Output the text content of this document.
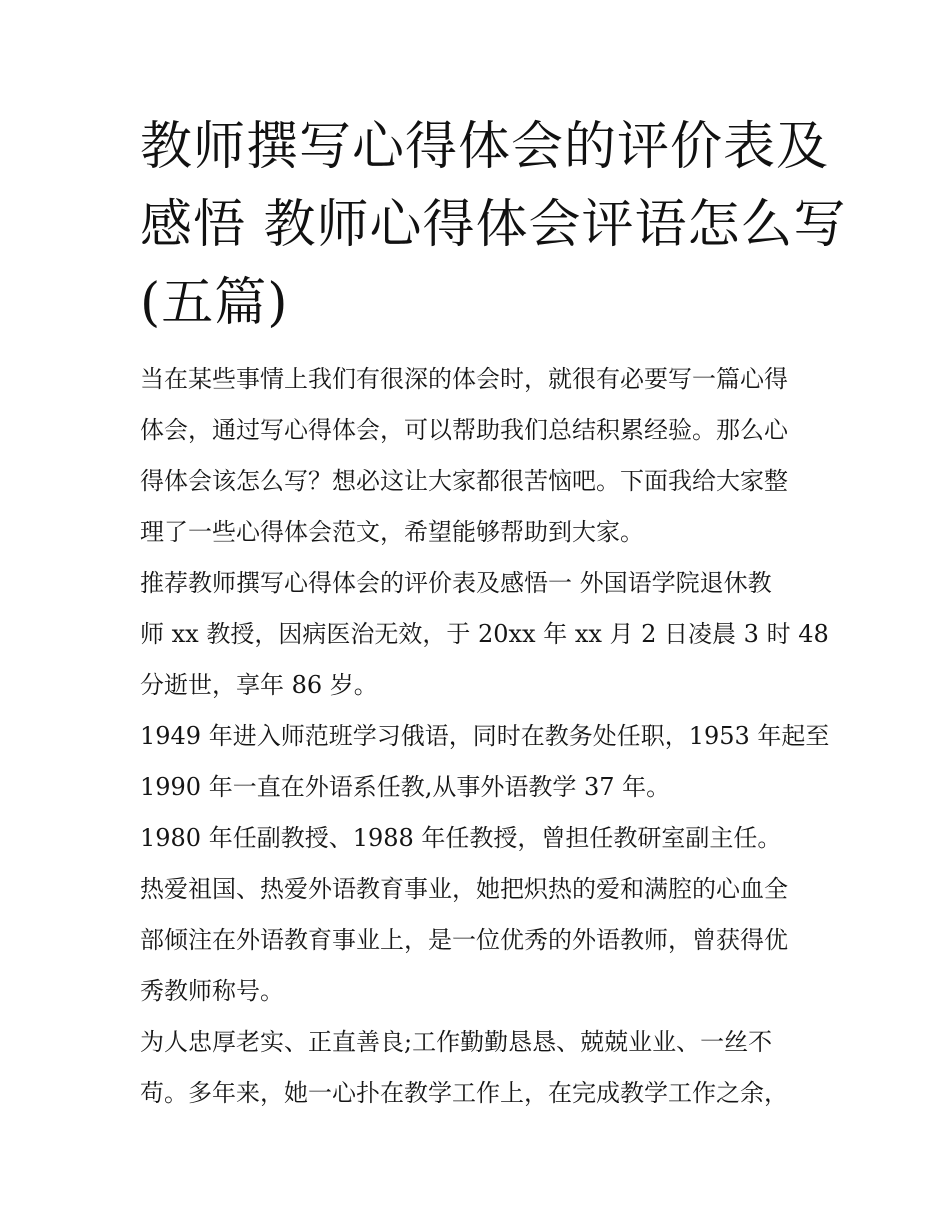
教师撰写心得体会的评价表及
感悟 教师心得体会评语怎么写
(五篇)

当在某些事情上我们有很深的体会时，就很有必要写一篇心得
体会，通过写心得体会，可以帮助我们总结积累经验。那么心
得体会该怎么写？想必这让大家都很苦恼吧。下面我给大家整
理了一些心得体会范文，希望能够帮助到大家。

推荐教师撰写心得体会的评价表及感悟一 外国语学院退休教
师 xx 教授，因病医治无效，于 20xx 年 xx 月 2 日凌晨 3 时 48
分逝世，享年 86 岁。

1949 年进入师范班学习俄语，同时在教务处任职，1953 年起至
1990 年一直在外语系任教,从事外语教学 37 年。

1980 年任副教授、1988 年任教授，曾担任教研室副主任。

热爱祖国、热爱外语教育事业，她把炽热的爱和满腔的心血全
部倾注在外语教育事业上，是一位优秀的外语教师，曾获得优
秀教师称号。

为人忠厚老实、正直善良;工作勤勤恳恳、兢兢业业、一丝不
苟。多年来，她一心扑在教学工作上，在完成教学工作之余，
